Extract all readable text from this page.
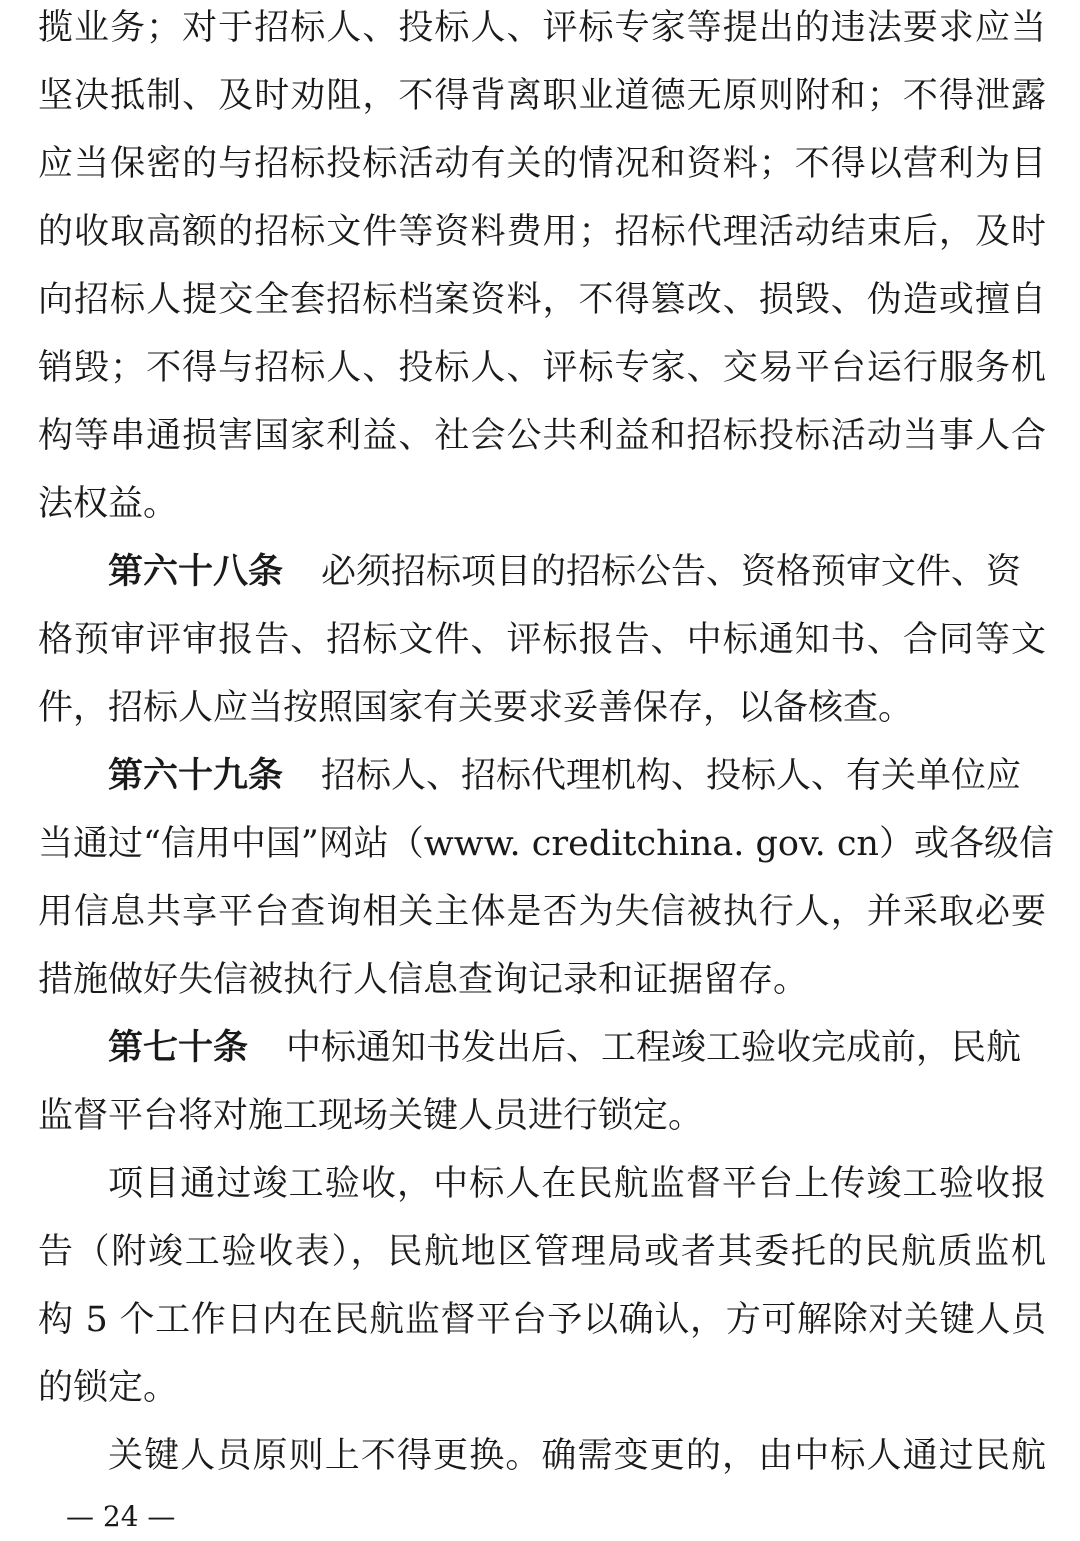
揽业务；对于招标人、投标人、评标专家等提出的违法要求应当
坚决抵制、及时劝阻，不得背离职业道德无原则附和；不得泄露
应当保密的与招标投标活动有关的情况和资料；不得以营利为目
的收取高额的招标文件等资料费用；招标代理活动结束后，及时
向招标人提交全套招标档案资料，不得篡改、损毁、伪造或擅自
销毁；不得与招标人、投标人、评标专家、交易平台运行服务机
构等串通损害国家利益、社会公共利益和招标投标活动当事人合
法权益。
第六十八条 必须招标项目的招标公告、资格预审文件、资
格预审评审报告、招标文件、评标报告、中标通知书、合同等文
件，招标人应当按照国家有关要求妥善保存，以备核查。
第六十九条 招标人、招标代理机构、投标人、有关单位应
当通过“信用中国”网站（www. creditchina. gov. cn）或各级信
用信息共享平台查询相关主体是否为失信被执行人，并采取必要
措施做好失信被执行人信息查询记录和证据留存。
第七十条 中标通知书发出后、工程竣工验收完成前，民航
监督平台将对施工现场关键人员进行锁定。
项目通过竣工验收，中标人在民航监督平台上传竣工验收报
告（附竣工验收表），民航地区管理局或者其委托的民航质监机
构 5 个工作日内在民航监督平台予以确认，方可解除对关键人员
的锁定。
关键人员原则上不得更换。确需变更的，由中标人通过民航
— 24 —
